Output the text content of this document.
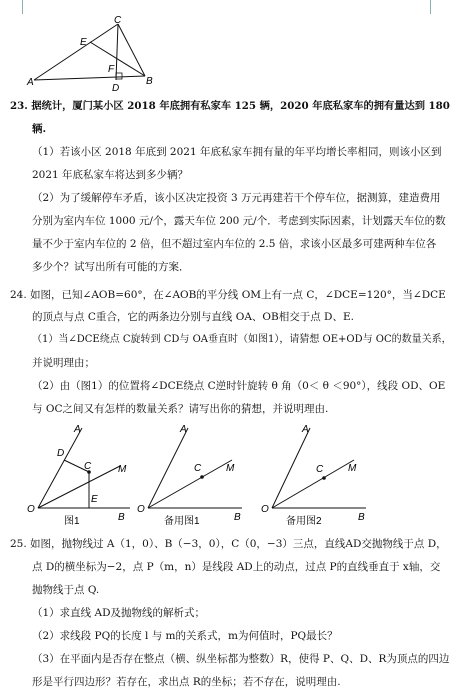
C
E
F
A
D
B
23. 据统计，厦门某小区 2018 年底拥有私家车 125 辆，2020 年底私家车的拥有量达到 180
辆.
（1）若该小区 2018 年底到 2021 年底私家车拥有量的年平均增长率相同，则该小区到
2021 年底私家车将达到多少辆？
（2）为了缓解停车矛盾，该小区决定投资 3 万元再建若干个停车位，据测算，建造费用
分别为室内车位 1000 元/个，露天车位 200 元/个．考虑到实际因素，计划露天车位的数
量不少于室内车位的 2 倍，但不超过室内车位的 2.5 倍，求该小区最多可建两种车位各
多少个？试写出所有可能的方案．
24. 如图，已知∠AOB=60°，在∠AOB的平分线 OM上有一点 C，∠DCE=120°，当∠DCE
的顶点与点 C重合，它的两条边分别与直线 OA、OB相交于点 D、E.
（1）当∠DCE绕点 C旋转到 CD与 OA垂直时（如图1），请猜想 OE+OD与 OC的数量关系，
并说明理由；
（2）由（图1）的位置将∠DCE绕点 C逆时针旋转 θ 角（0＜ θ ＜90°），线段 OD、OE
与 OC之间又有怎样的数量关系？请写出你的猜想，并说明理由.
A
D
C	M
E
O
B
图1
A
C M
O
B
备用图1
A
C M
O
B
备用图2
25. 如图，抛物线过 A（1，0）、B（−3，0），C（0，−3）三点，直线AD交抛物线于点 D，
点 D的横坐标为−2，点 P（m，n）是线段 AD上的动点，过点 P的直线垂直于 x轴，交
抛物线于点 Q.
（1）求直线 AD及抛物线的解析式；
（2）求线段 PQ的长度 l 与 m的关系式，m为何值时，PQ最长？
（3）在平面内是否存在整点（横、纵坐标都为整数）R，使得 P、Q、D、R为顶点的四边
形是平行四边形？若存在，求出点 R的坐标；若不存在，说明理由.
